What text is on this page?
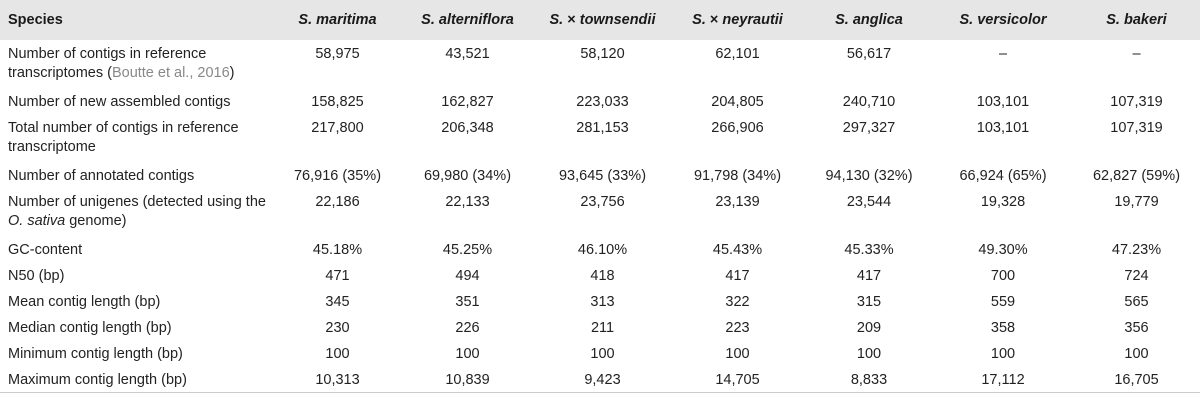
Species	S. maritima	S. alterniflora	S. × townsendii	S. × neyrautii	S. anglica	S. versicolor	S. bakeri
Number of contigs in reference transcriptomes (Boutte et al., 2016)	58,975	43,521	58,120	62,101	56,617	–	–
Number of new assembled contigs	158,825	162,827	223,033	204,805	240,710	103,101	107,319
Total number of contigs in reference transcriptome	217,800	206,348	281,153	266,906	297,327	103,101	107,319
Number of annotated contigs	76,916 (35%)	69,980 (34%)	93,645 (33%)	91,798 (34%)	94,130 (32%)	66,924 (65%)	62,827 (59%)
Number of unigenes (detected using the O. sativa genome)	22,186	22,133	23,756	23,139	23,544	19,328	19,779
GC-content	45.18%	45.25%	46.10%	45.43%	45.33%	49.30%	47.23%
N50 (bp)	471	494	418	417	417	700	724
Mean contig length (bp)	345	351	313	322	315	559	565
Median contig length (bp)	230	226	211	223	209	358	356
Minimum contig length (bp)	100	100	100	100	100	100	100
Maximum contig length (bp)	10,313	10,839	9,423	14,705	8,833	17,112	16,705
